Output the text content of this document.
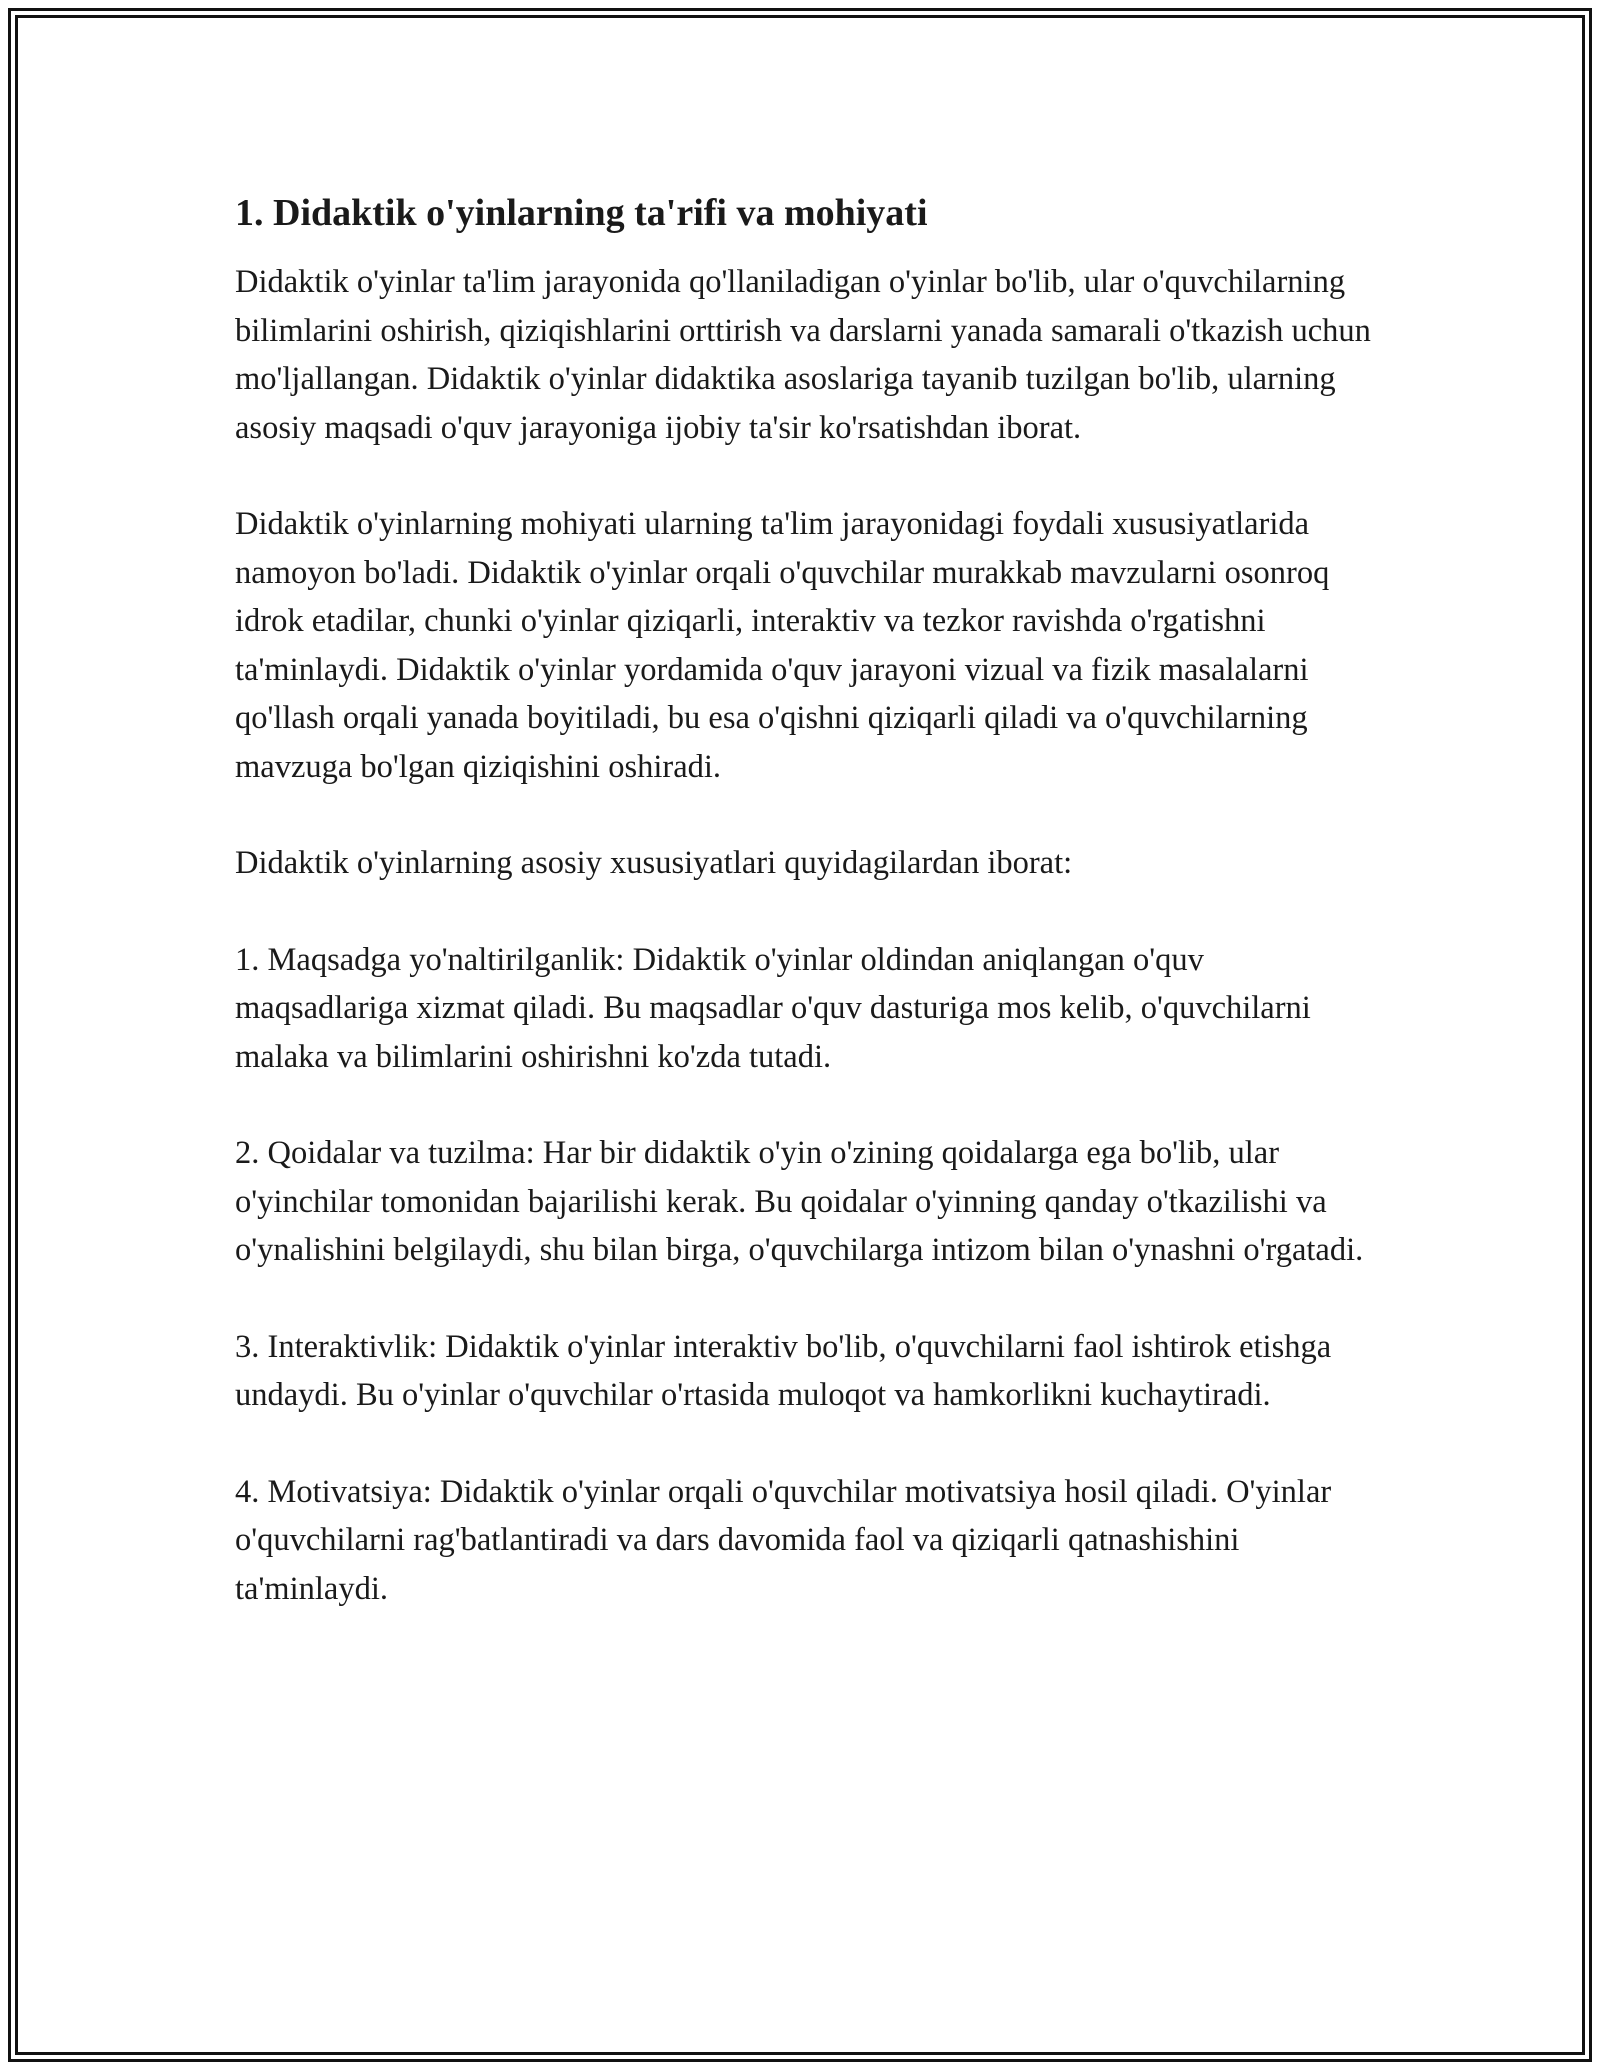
1. Didaktik o'yinlarning ta'rifi va mohiyati

Didaktik o'yinlar ta'lim jarayonida qo'llaniladigan o'yinlar bo'lib, ular o'quvchilarning bilimlarini oshirish, qiziqishlarini orttirish va darslarni yanada samarali o'tkazish uchun mo'ljallangan. Didaktik o'yinlar didaktika asoslariga tayanib tuzilgan bo'lib, ularning asosiy maqsadi o'quv jarayoniga ijobiy ta'sir ko'rsatishdan iborat.

Didaktik o'yinlarning mohiyati ularning ta'lim jarayonidagi foydali xususiyatlarida namoyon bo'ladi. Didaktik o'yinlar orqali o'quvchilar murakkab mavzularni osonroq idrok etadilar, chunki o'yinlar qiziqarli, interaktiv va tezkor ravishda o'rgatishni ta'minlaydi. Didaktik o'yinlar yordamida o'quv jarayoni vizual va fizik masalalarni qo'llash orqali yanada boyitiladi, bu esa o'qishni qiziqarli qiladi va o'quvchilarning mavzuga bo'lgan qiziqishini oshiradi.

Didaktik o'yinlarning asosiy xususiyatlari quyidagilardan iborat:

1. Maqsadga yo'naltirilganlik: Didaktik o'yinlar oldindan aniqlangan o'quv maqsadlariga xizmat qiladi. Bu maqsadlar o'quv dasturiga mos kelib, o'quvchilarni malaka va bilimlarini oshirishni ko'zda tutadi.

2. Qoidalar va tuzilma: Har bir didaktik o'yin o'zining qoidalarga ega bo'lib, ular o'yinchilar tomonidan bajarilishi kerak. Bu qoidalar o'yinning qanday o'tkazilishi va o'ynalishini belgilaydi, shu bilan birga, o'quvchilarga intizom bilan o'ynashni o'rgatadi.

3. Interaktivlik: Didaktik o'yinlar interaktiv bo'lib, o'quvchilarni faol ishtirok etishga undaydi. Bu o'yinlar o'quvchilar o'rtasida muloqot va hamkorlikni kuchaytiradi.

4. Motivatsiya: Didaktik o'yinlar orqali o'quvchilar motivatsiya hosil qiladi. O'yinlar o'quvchilarni rag'batlantiradi va dars davomida faol va qiziqarli qatnashishini ta'minlaydi.
